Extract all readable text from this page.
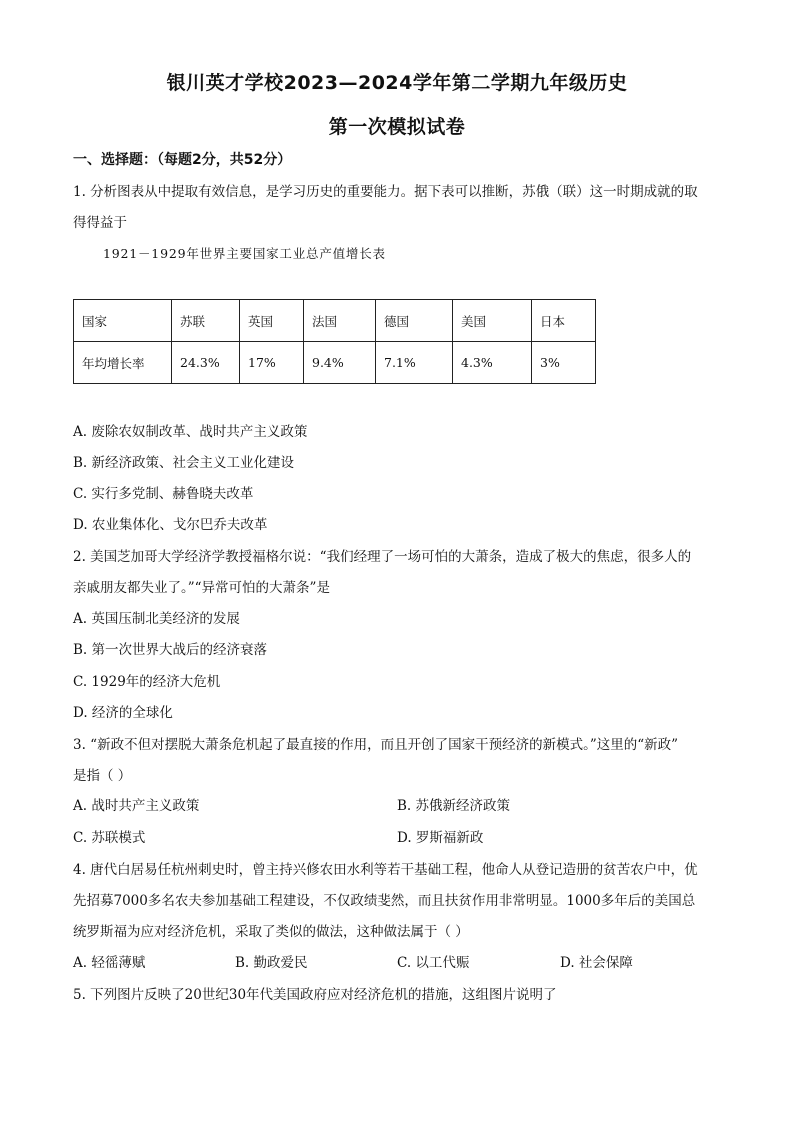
银川英才学校2023—2024学年第二学期九年级历史
第一次模拟试卷
一、选择题：（每题2分，共52分）
1. 分析图表从中提取有效信息，是学习历史的重要能力。据下表可以推断，苏俄（联）这一时期成就的取
得得益于
1921－1929年世界主要国家工业总产值增长表
国家	苏联	英国	法国	德国	美国	日本
年均增长率	24.3%	17%	9.4%	7.1%	4.3%	3%
A. 废除农奴制改革、战时共产主义政策
B. 新经济政策、社会主义工业化建设
C. 实行多党制、赫鲁晓夫改革
D. 农业集体化、戈尔巴乔夫改革
2. 美国芝加哥大学经济学教授福格尔说：“我们经理了一场可怕的大萧条，造成了极大的焦虑，很多人的
亲戚朋友都失业了。”“异常可怕的大萧条”是
A. 英国压制北美经济的发展
B. 第一次世界大战后的经济衰落
C. 1929年的经济大危机
D. 经济的全球化
3. “新政不但对摆脱大萧条危机起了最直接的作用，而且开创了国家干预经济的新模式。”这里的“新政”
是指（ ）
A. 战时共产主义政策	B. 苏俄新经济政策
C. 苏联模式	D. 罗斯福新政
4. 唐代白居易任杭州刺史时，曾主持兴修农田水利等若干基础工程，他命人从登记造册的贫苦农户中，优
先招募7000多名农夫参加基础工程建设，不仅政绩斐然，而且扶贫作用非常明显。1000多年后的美国总
统罗斯福为应对经济危机，采取了类似的做法，这种做法属于（ ）
A. 轻徭薄赋	B. 勤政爱民	C. 以工代赈	D. 社会保障
5. 下列图片反映了20世纪30年代美国政府应对经济危机的措施，这组图片说明了
